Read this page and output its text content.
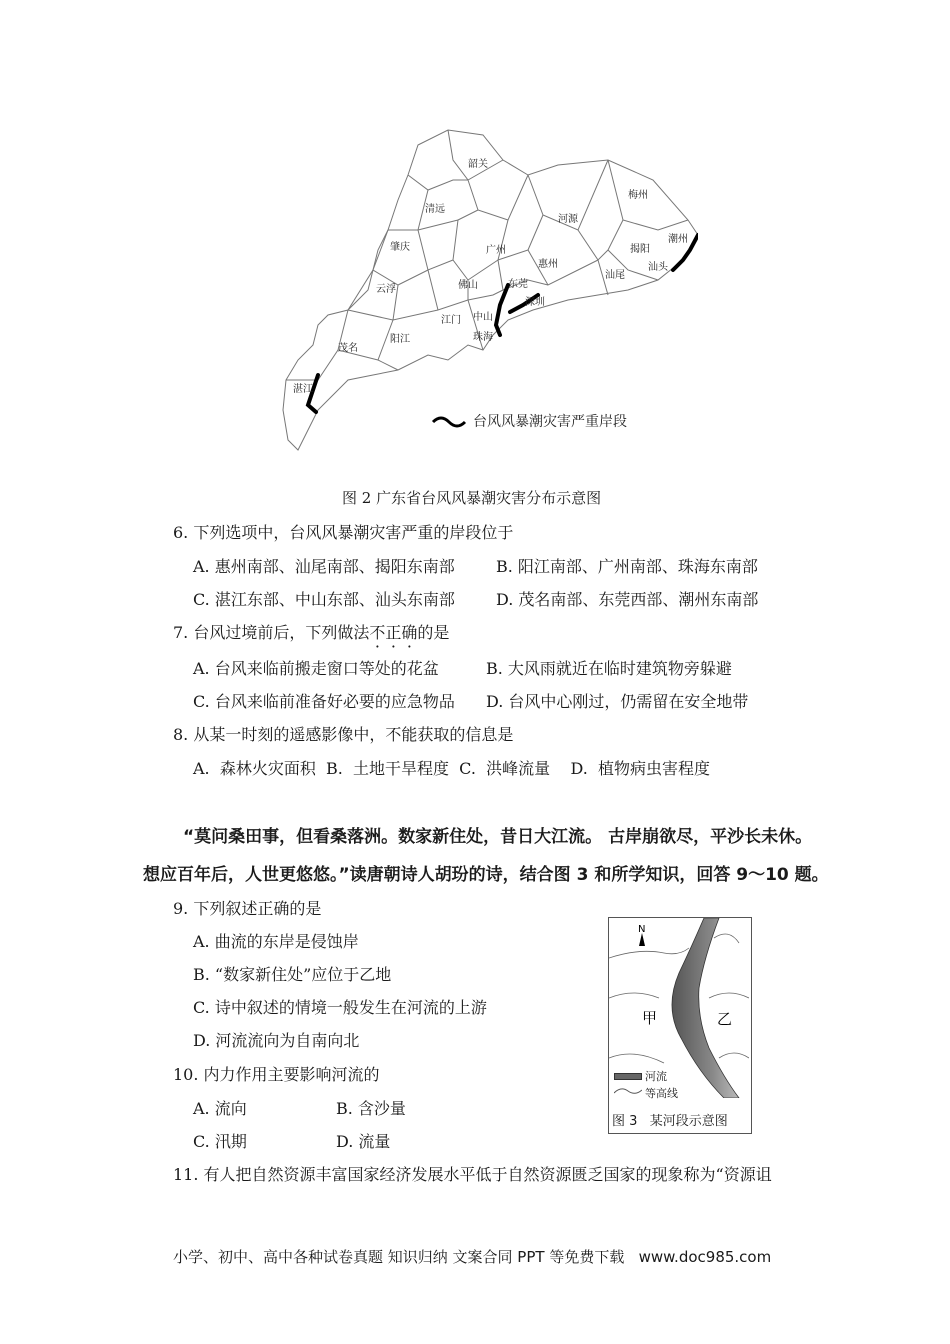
韶关
清远
河源
梅州
潮州
揭阳
汕头
汕尾
惠州
广州
东莞
深圳
肇庆
佛山
云浮
中山
珠海
江门
阳江
茂名
湛江
台风风暴潮灾害严重岸段
图 2 广东省台风风暴潮灾害分布示意图
6. 下列选项中，台风风暴潮灾害严重的岸段位于
A. 惠州南部、汕尾南部、揭阳东南部	B. 阳江南部、广州南部、珠海东南部
C. 湛江东部、中山东部、汕头东南部	D. 茂名南部、东莞西部、潮州东南部
7. 台风过境前后，下列做法不正确的是
A. 台风来临前搬走窗口等处的花盆	B. 大风雨就近在临时建筑物旁躲避
C. 台风来临前准备好必要的应急物品 D. 台风中心刚过，仍需留在安全地带
8. 从某一时刻的遥感影像中，不能获取的信息是
A.  森林火灾面积  B.  土地干旱程度  C.  洪峰流量    D.  植物病虫害程度
“莫问桑田事，但看桑落洲。数家新住处，昔日大江流。 古岸崩欲尽，平沙长未休。
想应百年后，人世更悠悠。”读唐朝诗人胡玢的诗，结合图 3 和所学知识，回答 9～10 题。
9. 下列叙述正确的是
A. 曲流的东岸是侵蚀岸
B. “数家新住处”应位于乙地
C. 诗中叙述的情境一般发生在河流的上游
D. 河流流向为自南向北
10. 内力作用主要影响河流的
A. 流向	B. 含沙量
C. 汛期	D. 流量
11. 有人把自然资源丰富国家经济发展水平低于自然资源匮乏国家的现象称为“资源诅
N
甲	乙
河流
等高线
图 3   某河段示意图
小学、初中、高中各种试卷真题 知识归纳 文案合同 PPT 等免费下载   www.doc985.com
